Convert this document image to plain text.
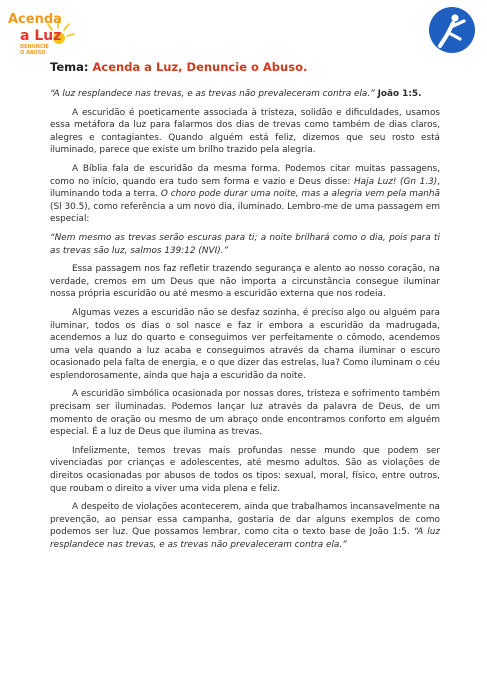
Acenda
a Luz
DENUNCIE
O ABUSO
Tema: Acenda a Luz, Denuncie o Abuso.

“A luz resplandece nas trevas, e as trevas não prevaleceram contra ela.” João 1:5.

A escuridão é poeticamente associada à tristeza, solidão e dificuldades, usamos essa metáfora da luz para falarmos dos dias de trevas como também de dias claros, alegres e contagiantes. Quando alguém está feliz, dizemos que seu rosto está iluminado, parece que existe um brilho trazido pela alegria.

A Bíblia fala de escuridão da mesma forma. Podemos citar muitas passagens, como no início, quando era tudo sem forma e vazio e Deus disse: Haja Luz! (Gn 1.3), iluminando toda a terra. O choro pode durar uma noite, mas a alegria vem pela manhã (Sl 30.5), como referência a um novo dia, iluminado. Lembro-me de uma passagem em especial:

“Nem mesmo as trevas serão escuras para ti; a noite brilhará como o dia, pois para ti as trevas são luz, salmos 139:12 (NVI).”

Essa passagem nos faz refletir trazendo segurança e alento ao nosso coração, na verdade, cremos em um Deus que não importa a circunstância consegue iluminar nossa própria escuridão ou até mesmo a escuridão externa que nos rodeia.

Algumas vezes a escuridão não se desfaz sozinha, é preciso algo ou alguém para iluminar, todos os dias o sol nasce e faz ir embora a escuridão da madrugada, acendemos a luz do quarto e conseguimos ver perfeitamente o cômodo, acendemos uma vela quando a luz acaba e conseguimos através da chama iluminar o escuro ocasionado pela falta de energia, e o que dizer das estrelas, lua? Como iluminam o céu esplendorosamente, ainda que haja a escuridão da noite.

A escuridão simbólica ocasionada por nossas dores, tristeza e sofrimento também precisam ser iluminadas. Podemos lançar luz através da palavra de Deus, de um momento de oração ou mesmo de um abraço onde encontramos conforto em alguém especial. É a luz de Deus que ilumina as trevas.

Infelizmente, temos trevas mais profundas nesse mundo que podem ser vivenciadas por crianças e adolescentes, até mesmo adultos. São as violações de direitos ocasionadas por abusos de todos os tipos: sexual, moral, físico, entre outros, que roubam o direito a viver uma vida plena e feliz.

A despeito de violações acontecerem, ainda que trabalhamos incansavelmente na prevenção, ao pensar essa campanha, gostaria de dar alguns exemplos de como podemos ser luz. Que possamos lembrar, como cita o texto base de João 1:5. “A luz resplandece nas trevas, e as trevas não prevaleceram contra ela.”
